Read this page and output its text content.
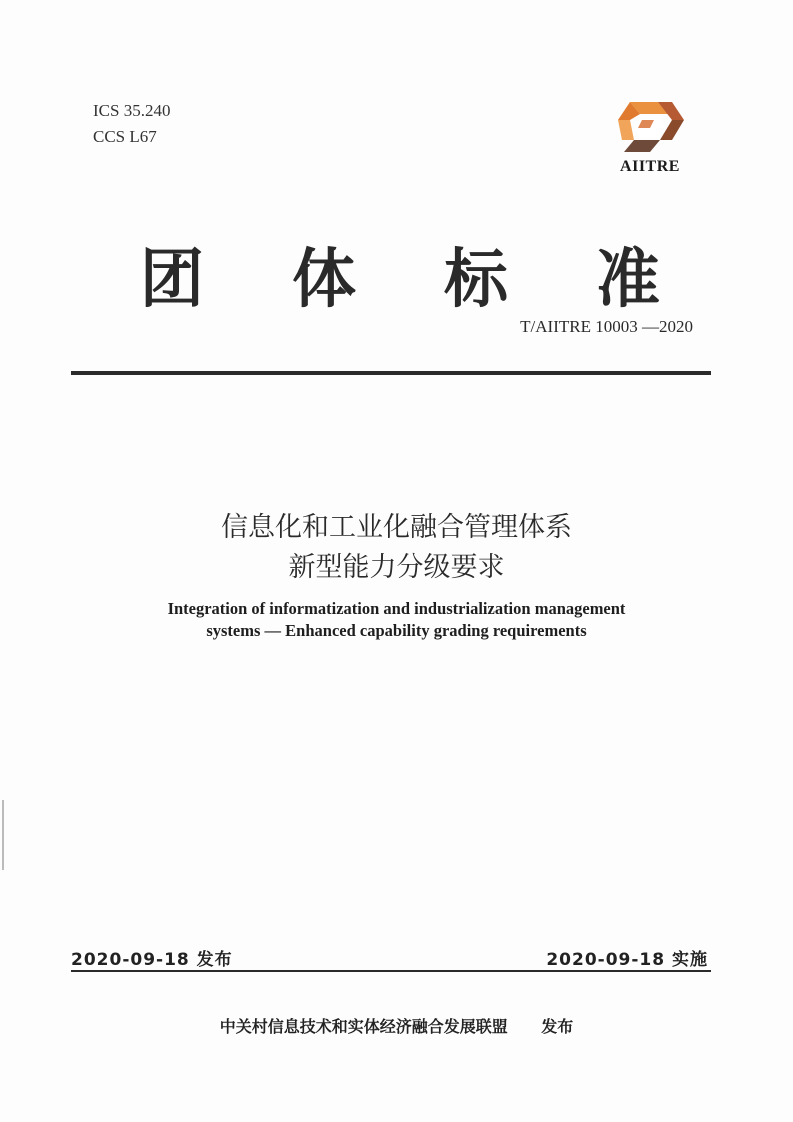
ICS 35.240
CCS L67
AIITRE
团 体 标 准
T/AIITRE 10003 —2020
信息化和工业化融合管理体系
新型能力分级要求
Integration of informatization and industrialization management
systems — Enhanced capability grading requirements
2020-09-18 发布	2020-09-18 实施
中关村信息技术和实体经济融合发展联盟 发布
